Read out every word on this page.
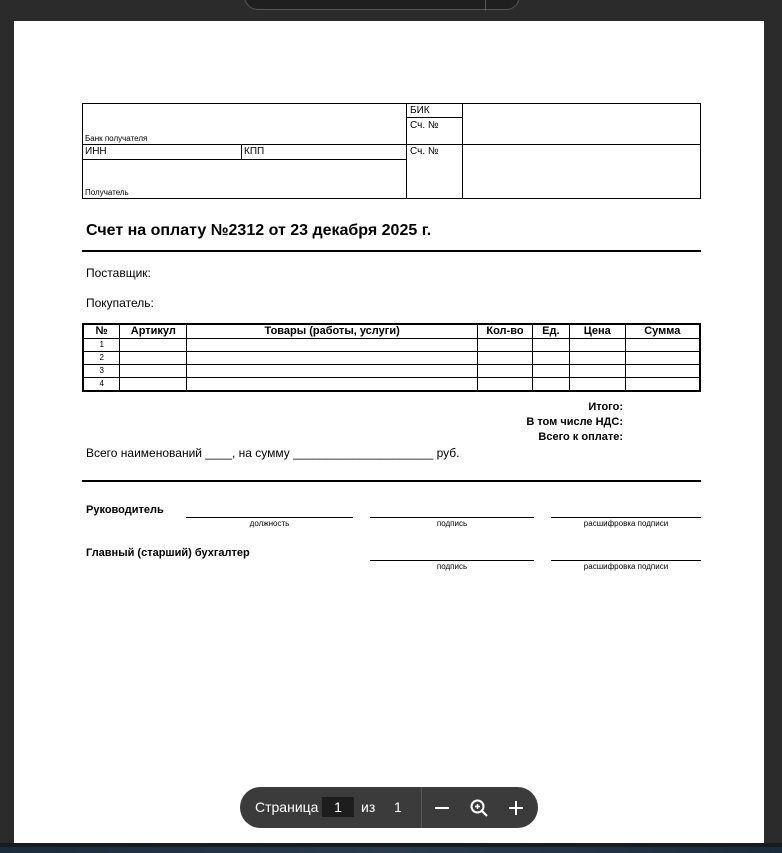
БИК
Сч. №
Банк получателя
ИНН	КПП	Сч. №
Получатель
Счет на оплату №2312 от 23 декабря 2025 г.
Поставщик:
Покупатель:
№	Артикул	Товары (работы, услуги)	Кол-во	Ед.	Цена	Сумма
1						
2						
3						
4						
Итого:
В том числе НДС:
Всего к оплате:
Всего наименований ____, на сумму _____________________ руб.
Руководитель
должность	подпись	расшифровка подписи
Главный (старший) бухгалтер
подпись	расшифровка подписи
Страница
1	из 1
